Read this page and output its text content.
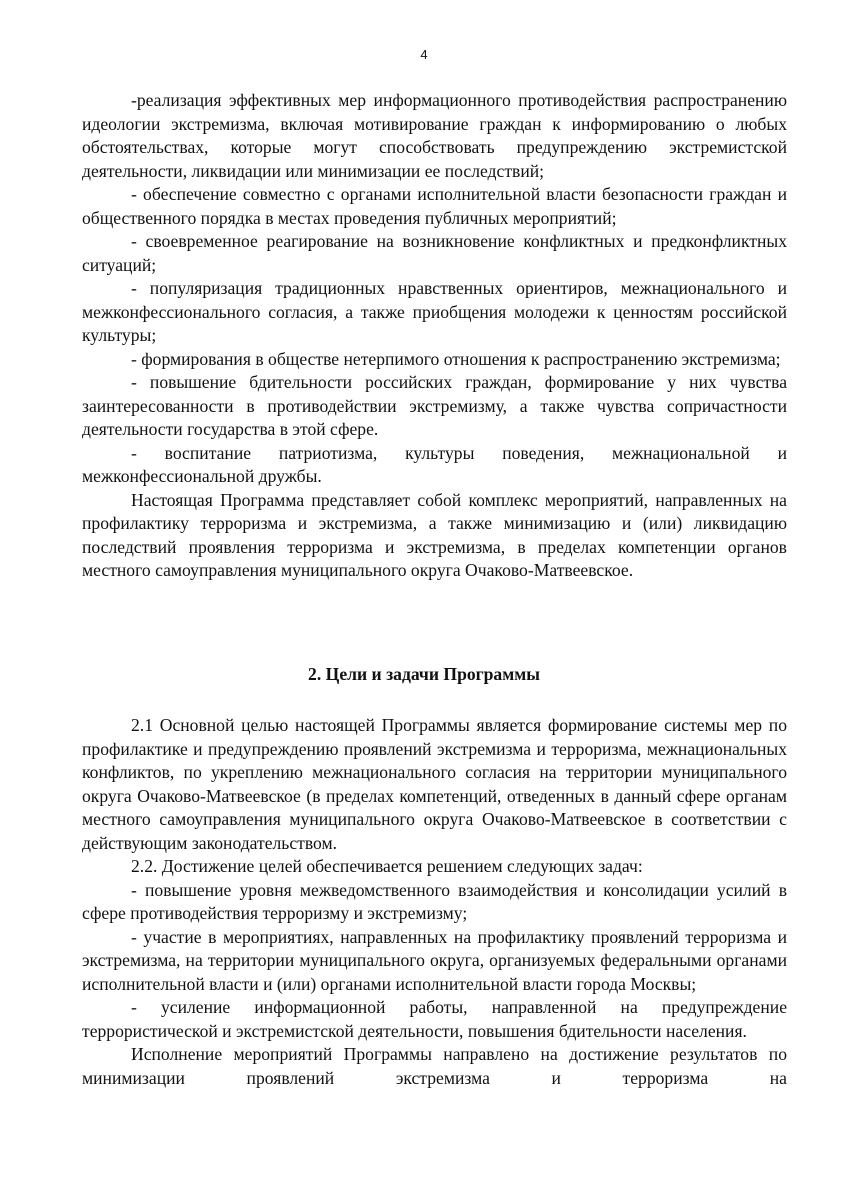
4

-реализация эффективных мер информационного противодействия распространению идеологии экстремизма, включая мотивирование граждан к информированию о любых обстоятельствах, которые могут способствовать предупреждению экстремистской деятельности, ликвидации или минимизации ее последствий;

- обеспечение совместно с органами исполнительной власти безопасности граждан и общественного порядка в местах проведения публичных мероприятий;

- своевременное реагирование на возникновение конфликтных и предконфликтных ситуаций;

- популяризация традиционных нравственных ориентиров, межнационального и межконфессионального согласия, а также приобщения молодежи к ценностям российской культуры;

- формирования в обществе нетерпимого отношения к распространению экстремизма;

- повышение бдительности российских граждан, формирование у них чувства заинтересованности в противодействии экстремизму, а также чувства сопричастности деятельности государства в этой сфере.

- воспитание патриотизма, культуры поведения, межнациональной и межконфессиональной дружбы.

Настоящая Программа представляет собой комплекс мероприятий, направленных на профилактику терроризма и экстремизма, а также минимизацию и (или) ликвидацию последствий проявления терроризма и экстремизма, в пределах компетенции органов местного самоуправления муниципального округа Очаково-Матвеевское.

2. Цели и задачи Программы

2.1 Основной целью настоящей Программы является формирование системы мер по профилактике и предупреждению проявлений экстремизма и терроризма, межнациональных конфликтов, по укреплению межнационального согласия на территории муниципального округа Очаково-Матвеевское (в пределах компетенций, отведенных в данный сфере органам местного самоуправления муниципального округа Очаково-Матвеевское в соответствии с действующим законодательством.

2.2. Достижение целей обеспечивается решением следующих задач:

- повышение уровня межведомственного взаимодействия и консолидации усилий в сфере противодействия терроризму и экстремизму;

- участие в мероприятиях, направленных на профилактику проявлений терроризма и экстремизма, на территории муниципального округа, организуемых федеральными органами исполнительной власти и (или) органами исполнительной власти города Москвы;

- усиление информационной работы, направленной на предупреждение террористической и экстремистской деятельности, повышения бдительности населения.

Исполнение мероприятий Программы направлено на достижение результатов по минимизации проявлений экстремизма и терроризма на
